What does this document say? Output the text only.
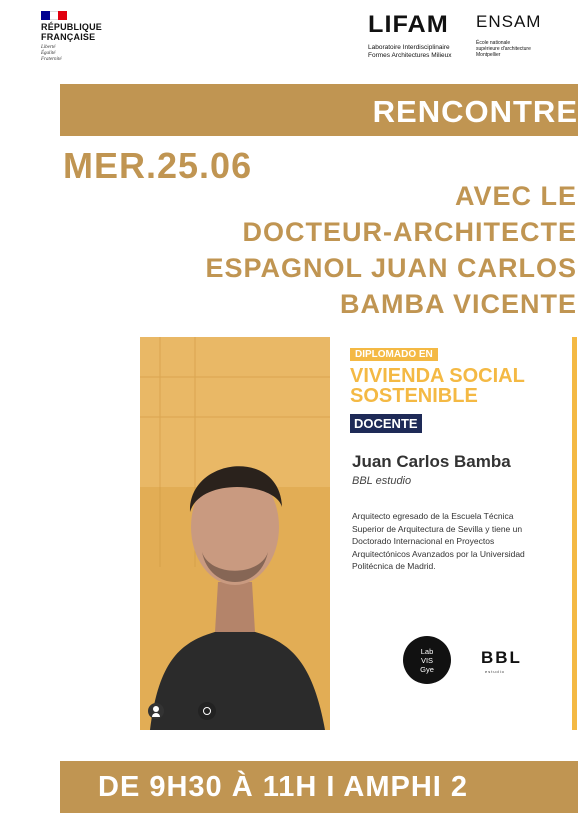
RÉPUBLIQUE
FRANÇAISE
Liberté
Égalité
Fraternité
LIFAM
Laboratoire Interdisciplinaire
Formes Architectures Milieux
ENSAM
École nationale
supérieure d'architecture
Montpellier
RENCONTRE
MER.25.06
AVEC LE
DOCTEUR-ARCHITECTE
ESPAGNOL JUAN CARLOS
BAMBA VICENTE
DIPLOMADO EN
VIVIENDA SOCIAL
SOSTENIBLE
DOCENTE
Juan Carlos Bamba
BBL estudio
Arquitecto egresado de la Escuela Técnica Superior de Arquitectura de Sevilla y tiene un Doctorado Internacional en Proyectos Arquitectónicos Avanzados por la Universidad Politécnica de Madrid.
Lab
VIS
Gye
BBL
estudio
DE 9H30 À 11H I AMPHI 2
